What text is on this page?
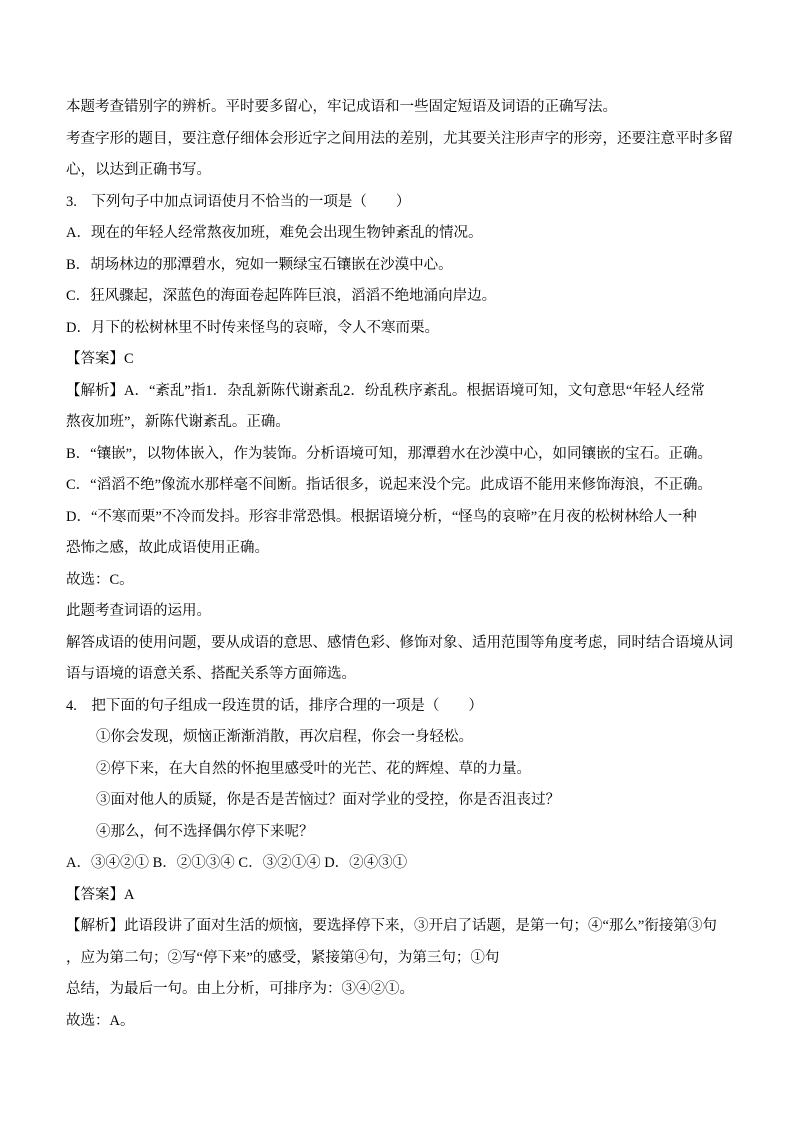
本题考查错别字的辨析。平时要多留心，牢记成语和一些固定短语及词语的正确写法。

考查字形的题目，要注意仔细体会形近字之间用法的差别，尤其要关注形声字的形旁，还要注意平时多留

心，以达到正确书写。

3.　下列句子中加点词语使月不恰当的一项是（　　）

A．现在的年轻人经常熬夜加班，难免会出现生物钟紊乱的情况。

B．胡场林边的那潭碧水，宛如一颗绿宝石镶嵌在沙漠中心。

C．狂风骤起，深蓝色的海面卷起阵阵巨浪，滔滔不绝地涌向岸边。

D．月下的松树林里不时传来怪鸟的哀啼，令人不寒而栗。

【答案】C

【解析】A．“紊乱”指1．杂乱新陈代谢紊乱2．纷乱秩序紊乱。根据语境可知，文句意思“年轻人经常

熬夜加班”，新陈代谢紊乱。正确。

B．“镶嵌”，以物体嵌入，作为装饰。分析语境可知，那潭碧水在沙漠中心，如同镶嵌的宝石。正确。

C．“滔滔不绝”像流水那样毫不间断。指话很多，说起来没个完。此成语不能用来修饰海浪，不正确。

D．“不寒而栗”不冷而发抖。形容非常恐惧。根据语境分析，“怪鸟的哀啼”在月夜的松树林给人一种

恐怖之感，故此成语使用正确。

故选：C。

此题考查词语的运用。

解答成语的使用问题，要从成语的意思、感情色彩、修饰对象、适用范围等角度考虑，同时结合语境从词

语与语境的语意关系、搭配关系等方面筛选。

4.　把下面的句子组成一段连贯的话，排序合理的一项是（　　）

①你会发现，烦恼正渐渐消散，再次启程，你会一身轻松。

②停下来，在大自然的怀抱里感受叶的光芒、花的辉煌、草的力量。

③面对他人的质疑，你是否是苦恼过？面对学业的受控，你是否沮丧过？

④那么，何不选择偶尔停下来呢？

A．③④②① B．②①③④ C．③②①④ D．②④③①

【答案】A

【解析】此语段讲了面对生活的烦恼，要选择停下来，③开启了话题，是第一句；④“那么”衔接第③句

，应为第二句；②写“停下来”的感受，紧接第④句，为第三句；①句

总结，为最后一句。由上分析，可排序为：③④②①。

故选：A。
